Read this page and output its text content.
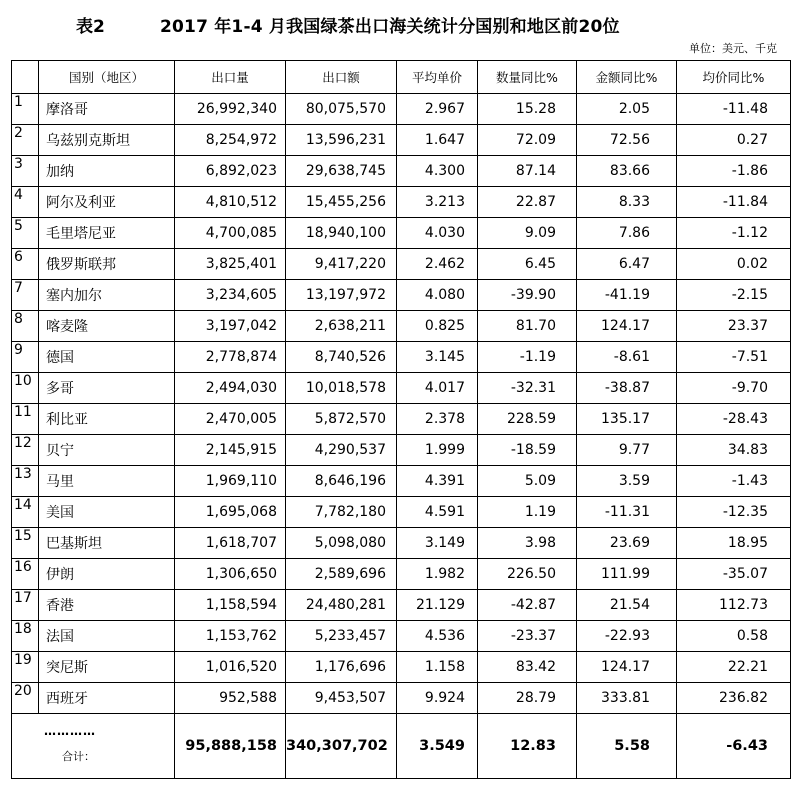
表2	2017 年1-4 月我国绿茶出口海关统计分国别和地区前20位
单位：美元、千克
	国别（地区）	出口量	出口额	平均单价	数量同比%	金额同比%	均价同比%
1	摩洛哥	26,992,340	80,075,570	2.967	15.28	2.05	-11.48
2	乌兹别克斯坦	8,254,972	13,596,231	1.647	72.09	72.56	0.27
3	加纳	6,892,023	29,638,745	4.300	87.14	83.66	-1.86
4	阿尔及利亚	4,810,512	15,455,256	3.213	22.87	8.33	-11.84
5	毛里塔尼亚	4,700,085	18,940,100	4.030	9.09	7.86	-1.12
6	俄罗斯联邦	3,825,401	9,417,220	2.462	6.45	6.47	0.02
7	塞内加尔	3,234,605	13,197,972	4.080	-39.90	-41.19	-2.15
8	喀麦隆	3,197,042	2,638,211	0.825	81.70	124.17	23.37
9	德国	2,778,874	8,740,526	3.145	-1.19	-8.61	-7.51
10	多哥	2,494,030	10,018,578	4.017	-32.31	-38.87	-9.70
11	利比亚	2,470,005	5,872,570	2.378	228.59	135.17	-28.43
12	贝宁	2,145,915	4,290,537	1.999	-18.59	9.77	34.83
13	马里	1,969,110	8,646,196	4.391	5.09	3.59	-1.43
14	美国	1,695,068	7,782,180	4.591	1.19	-11.31	-12.35
15	巴基斯坦	1,618,707	5,098,080	3.149	3.98	23.69	18.95
16	伊朗	1,306,650	2,589,696	1.982	226.50	111.99	-35.07
17	香港	1,158,594	24,480,281	21.129	-42.87	21.54	112.73
18	法国	1,153,762	5,233,457	4.536	-23.37	-22.93	0.58
19	突尼斯	1,016,520	1,176,696	1.158	83.42	124.17	22.21
20	西班牙	952,588	9,453,507	9.924	28.79	333.81	236.82

…………
合计：		95,888,158	340,307,702	3.549	12.83	5.58	-6.43
